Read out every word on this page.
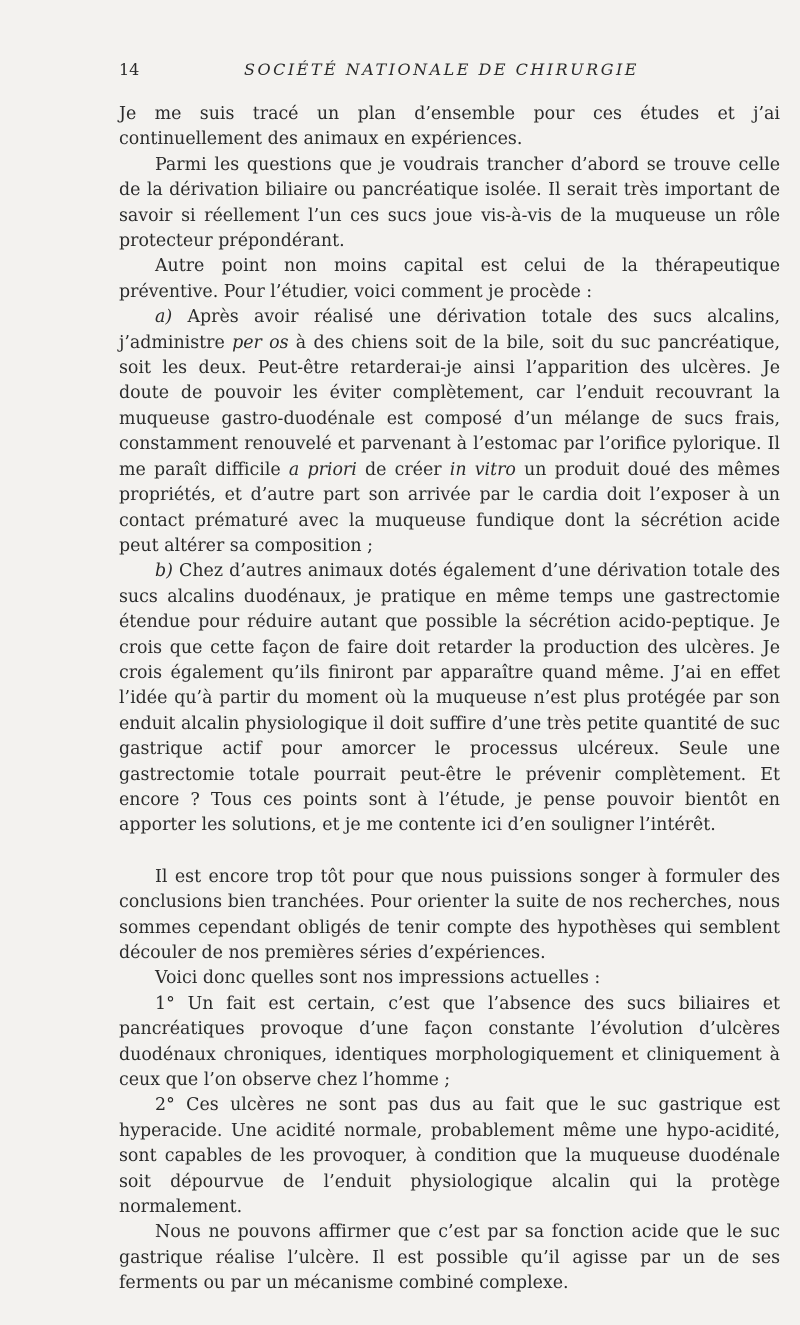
14	SOCIÉTÉ NATIONALE DE CHIRURGIE

Je me suis tracé un plan d’ensemble pour ces études et j’ai continuellement des animaux en expériences.

Parmi les questions que je voudrais trancher d’abord se trouve celle de la dérivation biliaire ou pancréatique isolée. Il serait très important de savoir si réellement l’un ces sucs joue vis-à-vis de la muqueuse un rôle protecteur prépondérant.

Autre point non moins capital est celui de la thérapeutique préventive. Pour l’étudier, voici comment je procède :

a) Après avoir réalisé une dérivation totale des sucs alcalins, j’administre per os à des chiens soit de la bile, soit du suc pancréatique, soit les deux. Peut-être retarderai-je ainsi l’apparition des ulcères. Je doute de pouvoir les éviter complètement, car l’enduit recouvrant la muqueuse gastro-duodénale est composé d’un mélange de sucs frais, constamment renouvelé et parvenant à l’estomac par l’orifice pylorique. Il me paraît difficile a priori de créer in vitro un produit doué des mêmes propriétés, et d’autre part son arrivée par le cardia doit l’exposer à un contact prématuré avec la muqueuse fundique dont la sécrétion acide peut altérer sa composition ;

b) Chez d’autres animaux dotés également d’une dérivation totale des sucs alcalins duodénaux, je pratique en même temps une gastrectomie étendue pour réduire autant que possible la sécrétion acido-peptique. Je crois que cette façon de faire doit retarder la production des ulcères. Je crois également qu’ils finiront par apparaître quand même. J’ai en effet l’idée qu’à partir du moment où la muqueuse n’est plus protégée par son enduit alcalin physiologique il doit suffire d’une très petite quantité de suc gastrique actif pour amorcer le processus ulcéreux. Seule une gastrectomie totale pourrait peut-être le prévenir complètement. Et encore ? Tous ces points sont à l’étude, je pense pouvoir bientôt en apporter les solutions, et je me contente ici d’en souligner l’intérêt.

Il est encore trop tôt pour que nous puissions songer à formuler des conclusions bien tranchées. Pour orienter la suite de nos recherches, nous sommes cependant obligés de tenir compte des hypothèses qui semblent découler de nos premières séries d’expériences.

Voici donc quelles sont nos impressions actuelles :

1° Un fait est certain, c’est que l’absence des sucs biliaires et pancréatiques provoque d’une façon constante l’évolution d’ulcères duodénaux chroniques, identiques morphologiquement et cliniquement à ceux que l’on observe chez l’homme ;

2° Ces ulcères ne sont pas dus au fait que le suc gastrique est hyperacide. Une acidité normale, probablement même une hypo-acidité, sont capables de les provoquer, à condition que la muqueuse duodénale soit dépourvue de l’enduit physiologique alcalin qui la protège normalement.

Nous ne pouvons affirmer que c’est par sa fonction acide que le suc gastrique réalise l’ulcère. Il est possible qu’il agisse par un de ses ferments ou par un mécanisme combiné complexe.
